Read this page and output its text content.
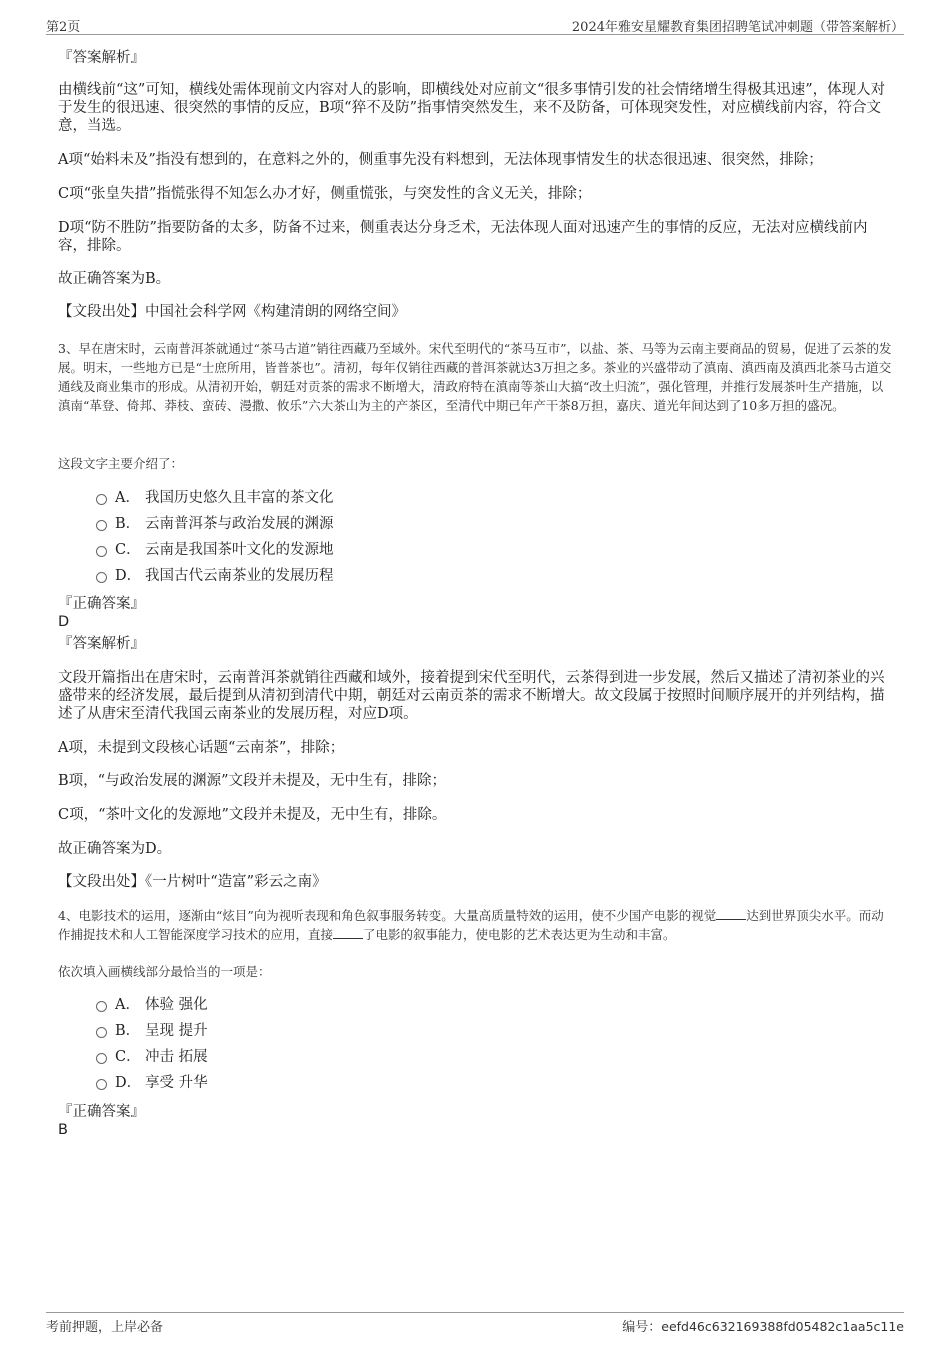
第2页	2024年雅安星耀教育集团招聘笔试冲刺题（带答案解析）
『答案解析』
由横线前“这”可知，横线处需体现前文内容对人的影响，即横线处对应前文“很多事情引发的社会情绪增生得极其迅速”，体现人对于发生的很迅速、很突然的事情的反应，B项“猝不及防”指事情突然发生，来不及防备，可体现突发性，对应横线前内容，符合文意，当选。
A项“始料未及”指没有想到的，在意料之外的，侧重事先没有料想到，无法体现事情发生的状态很迅速、很突然，排除；
C项“张皇失措”指慌张得不知怎么办才好，侧重慌张，与突发性的含义无关，排除；
D项“防不胜防”指要防备的太多，防备不过来，侧重表达分身乏术，无法体现人面对迅速产生的事情的反应，无法对应横线前内容，排除。
故正确答案为B。
【文段出处】中国社会科学网《构建清朗的网络空间》
3、早在唐宋时，云南普洱茶就通过“茶马古道”销往西藏乃至域外。宋代至明代的“茶马互市”，以盐、茶、马等为云南主要商品的贸易，促进了云茶的发展。明末，一些地方已是“士庶所用，皆普茶也”。清初，每年仅销往西藏的普洱茶就达3万担之多。茶业的兴盛带动了滇南、滇西南及滇西北茶马古道交通线及商业集市的形成。从清初开始，朝廷对贡茶的需求不断增大，清政府特在滇南等茶山大搞“改土归流”，强化管理，并推行发展茶叶生产措施，以滇南“革登、倚邦、莽枝、蛮砖、漫撒、攸乐”六大茶山为主的产茶区，至清代中期已年产干茶8万担，嘉庆、道光年间达到了10多万担的盛况。
这段文字主要介绍了：
A． 我国历史悠久且丰富的茶文化
B． 云南普洱茶与政治发展的渊源
C． 云南是我国茶叶文化的发源地
D． 我国古代云南茶业的发展历程
『正确答案』
D
『答案解析』
文段开篇指出在唐宋时，云南普洱茶就销往西藏和域外，接着提到宋代至明代，云茶得到进一步发展，然后又描述了清初茶业的兴盛带来的经济发展，最后提到从清初到清代中期，朝廷对云南贡茶的需求不断增大。故文段属于按照时间顺序展开的并列结构，描述了从唐宋至清代我国云南茶业的发展历程，对应D项。
A项，未提到文段核心话题“云南茶”，排除；
B项，“与政治发展的渊源”文段并未提及，无中生有，排除；
C项，“茶叶文化的发源地”文段并未提及，无中生有，排除。
故正确答案为D。
【文段出处】《一片树叶“造富”彩云之南》
4、电影技术的运用，逐渐由“炫目”向为视听表现和角色叙事服务转变。大量高质量特效的运用，使不少国产电影的视觉 达到世界顶尖水平。而动作捕捉技术和人工智能深度学习技术的应用，直接 了电影的叙事能力，使电影的艺术表达更为生动和丰富。
依次填入画横线部分最恰当的一项是：
A． 体验 强化
B． 呈现 提升
C． 冲击 拓展
D． 享受 升华
『正确答案』
B
考前押题，上岸必备	编号：eefd46c632169388fd05482c1aa5c11e
